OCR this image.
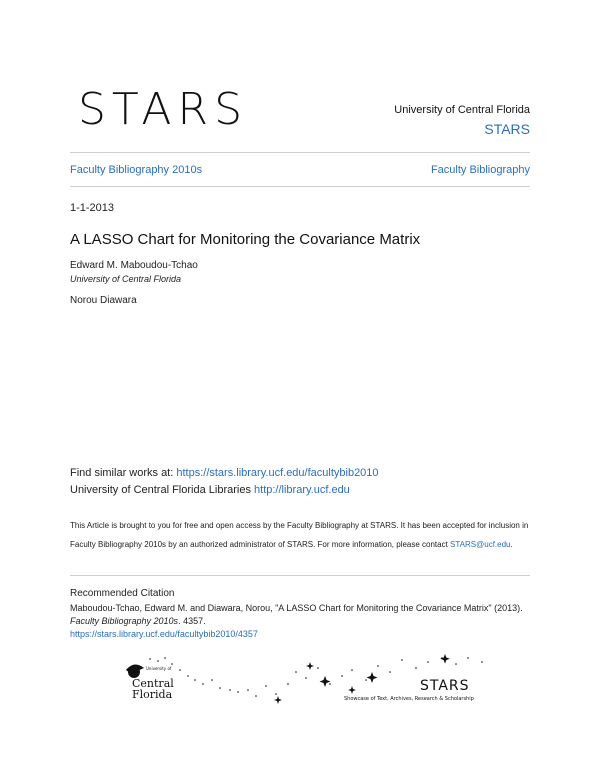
STARS	University of Central Florida
STARS
Faculty Bibliography 2010s	Faculty Bibliography
1-1-2013
A LASSO Chart for Monitoring the Covariance Matrix
Edward M. Maboudou-Tchao
University of Central Florida
Norou Diawara
Find similar works at: https://stars.library.ucf.edu/facultybib2010
University of Central Florida Libraries http://library.ucf.edu
This Article is brought to you for free and open access by the Faculty Bibliography at STARS. It has been accepted for inclusion in Faculty Bibliography 2010s by an authorized administrator of STARS. For more information, please contact STARS@ucf.edu.
Recommended Citation
Maboudou-Tchao, Edward M. and Diawara, Norou, "A LASSO Chart for Monitoring the Covariance Matrix" (2013). Faculty Bibliography 2010s. 4357.
https://stars.library.ucf.edu/facultybib2010/4357
University of
Central
Florida
STARS
Showcase of Text, Archives, Research & Scholarship
